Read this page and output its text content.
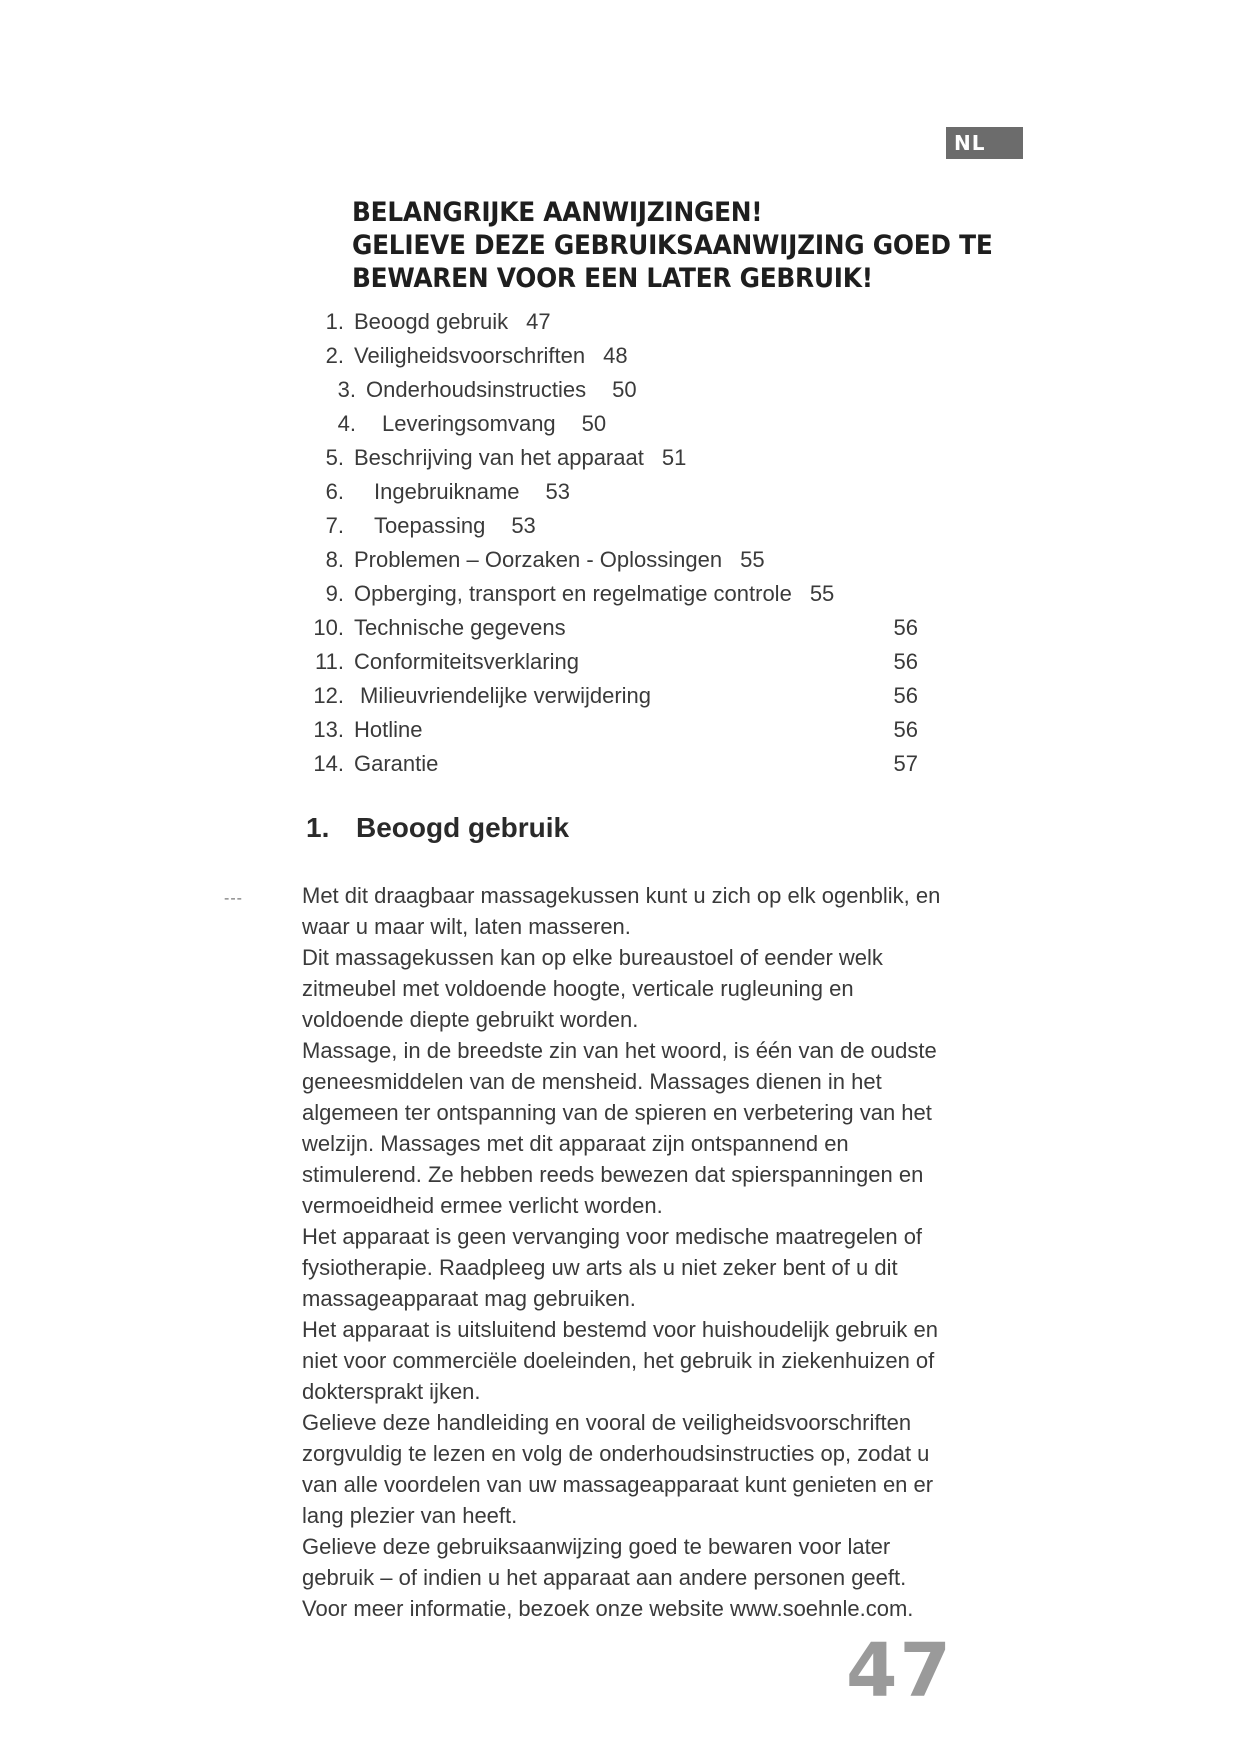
NL
BELANGRIJKE AANWIJZINGEN!
GELIEVE DEZE GEBRUIKSAANWIJZING GOED TE
BEWAREN VOOR EEN LATER GEBRUIK!
1. Beoogd gebruik 47
2. Veiligheidsvoorschriften 48
3. Onderhoudsinstructies 50
4. Leveringsomvang 50
5. Beschrijving van het apparaat 51
6. Ingebruikname 53
7. Toepassing 53
8. Problemen – Oorzaken - Oplossingen 55
9. Opberging, transport en regelmatige controle 55
10. Technische gegevens	56
11. Conformiteitsverklaring	56
12. Milieuvriendelijke verwijdering	56
13. Hotline	56
14. Garantie	57
1. Beoogd gebruik
---	Met dit draagbaar massagekussen kunt u zich op elk ogenblik, en waar u maar wilt, laten masseren.

Dit massagekussen kan op elke bureaustoel of eender welk zitmeubel met voldoende hoogte, verticale rugleuning en voldoende diepte gebruikt worden.

Massage, in de breedste zin van het woord, is één van de oudste geneesmiddelen van de mensheid. Massages dienen in het algemeen ter ontspanning van de spieren en verbetering van het welzijn. Massages met dit apparaat zijn ontspannend en stimulerend. Ze hebben reeds bewezen dat spierspanningen en vermoeidheid ermee verlicht worden.

Het apparaat is geen vervanging voor medische maatregelen of fysiotherapie. Raadpleeg uw arts als u niet zeker bent of u dit massageapparaat mag gebruiken.

Het apparaat is uitsluitend bestemd voor huishoudelijk gebruik en niet voor commerciële doeleinden, het gebruik in ziekenhuizen of doktersprakt ijken.

Gelieve deze handleiding en vooral de veiligheidsvoorschriften zorgvuldig te lezen en volg de onderhoudsinstructies op, zodat u van alle voordelen van uw massageapparaat kunt genieten en er lang plezier van heeft.

Gelieve deze gebruiksaanwijzing goed te bewaren voor later gebruik – of indien u het apparaat aan andere personen geeft. Voor meer informatie, bezoek onze website www.soehnle.com.

47
